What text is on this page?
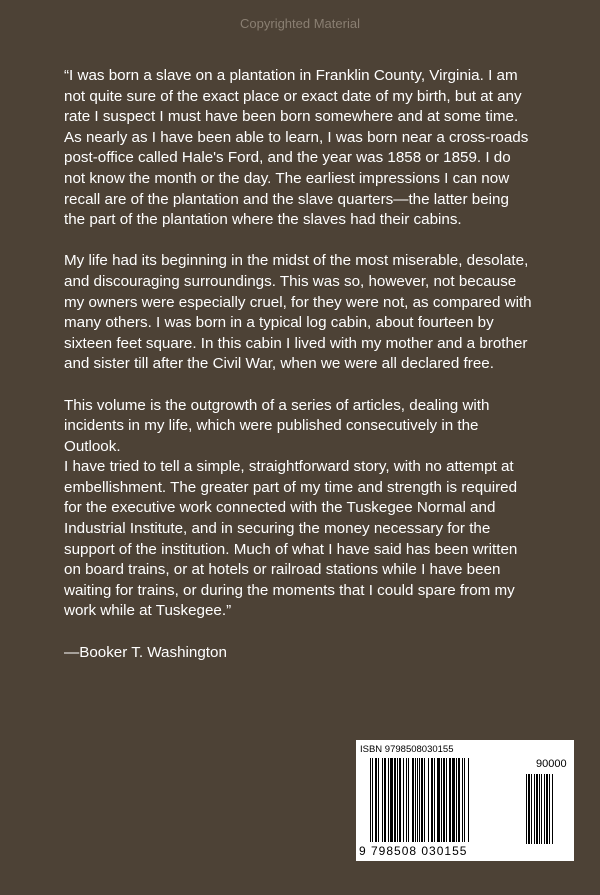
Copyrighted Material

“I was born a slave on a plantation in Franklin County, Virginia. I am not quite sure of the exact place or exact date of my birth, but at any rate I suspect I must have been born somewhere and at some time. As nearly as I have been able to learn, I was born near a cross-roads post-office called Hale's Ford, and the year was 1858 or 1859. I do not know the month or the day. The earliest impressions I can now recall are of the plantation and the slave quarters—the latter being the part of the plantation where the slaves had their cabins.

My life had its beginning in the midst of the most miserable, desolate, and discouraging surroundings. This was so, however, not because my owners were especially cruel, for they were not, as compared with many others. I was born in a typical log cabin, about fourteen by sixteen feet square. In this cabin I lived with my mother and a brother and sister till after the Civil War, when we were all declared free.

This volume is the outgrowth of a series of articles, dealing with incidents in my life, which were published consecutively in the Outlook.

I have tried to tell a simple, straightforward story, with no attempt at embellishment. The greater part of my time and strength is required for the executive work connected with the Tuskegee Normal and Industrial Institute, and in securing the money necessary for the support of the institution. Much of what I have said has been written on board trains, or at hotels or railroad stations while I have been waiting for trains, or during the moments that I could spare from my work while at Tuskegee.”

—Booker T. Washington

ISBN 9798508030155
90000
9 798508 030155
